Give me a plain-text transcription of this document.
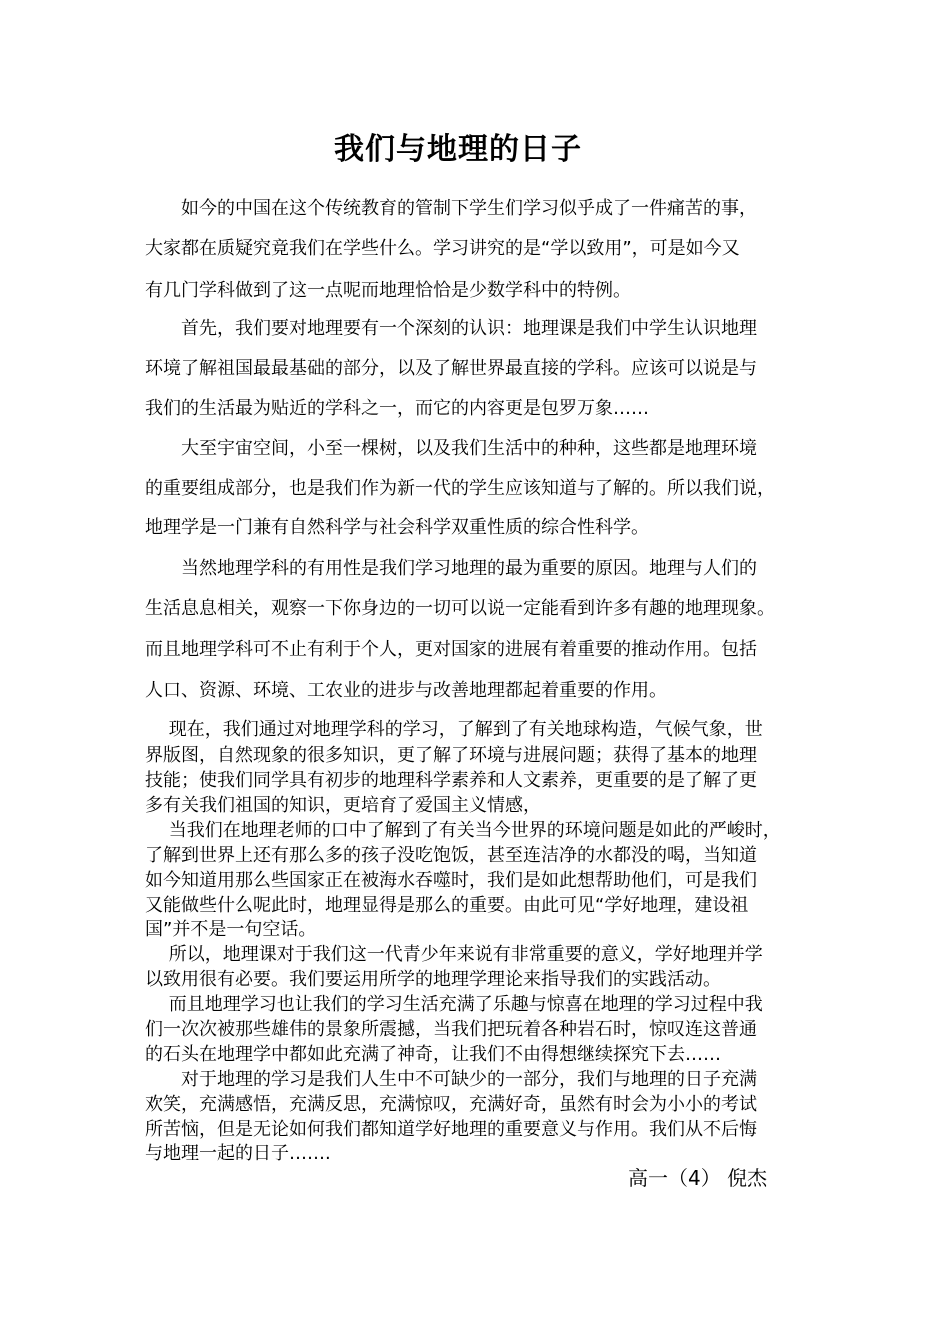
我们与地理的日子
　　如今的中国在这个传统教育的管制下学生们学习似乎成了一件痛苦的事，
大家都在质疑究竟我们在学些什么。学习讲究的是“学以致用”，可是如今又
有几门学科做到了这一点呢而地理恰恰是少数学科中的特例。
　　首先，我们要对地理要有一个深刻的认识：地理课是我们中学生认识地理
环境了解祖国最最基础的部分，以及了解世界最直接的学科。应该可以说是与
我们的生活最为贴近的学科之一，而它的内容更是包罗万象……
　　大至宇宙空间，小至一棵树，以及我们生活中的种种，这些都是地理环境
的重要组成部分，也是我们作为新一代的学生应该知道与了解的。所以我们说，
地理学是一门兼有自然科学与社会科学双重性质的综合性科学。
　　当然地理学科的有用性是我们学习地理的最为重要的原因。地理与人们的
生活息息相关，观察一下你身边的一切可以说一定能看到许多有趣的地理现象。
而且地理学科可不止有利于个人，更对国家的进展有着重要的推动作用。包括
人口、资源、环境、工农业的进步与改善地理都起着重要的作用。
　 现在，我们通过对地理学科的学习，了解到了有关地球构造，气候气象，世
界版图，自然现象的很多知识，更了解了环境与进展问题；获得了基本的地理
技能；使我们同学具有初步的地理科学素养和人文素养，更重要的是了解了更
多有关我们祖国的知识，更培育了爱国主义情感，
　 当我们在地理老师的口中了解到了有关当今世界的环境问题是如此的严峻时，
了解到世界上还有那么多的孩子没吃饱饭，甚至连洁净的水都没的喝，当知道
如今知道用那么些国家正在被海水吞噬时，我们是如此想帮助他们，可是我们
又能做些什么呢此时，地理显得是那么的重要。由此可见“学好地理，建设祖
国”并不是一句空话。
　 所以，地理课对于我们这一代青少年来说有非常重要的意义，学好地理并学
以致用很有必要。我们要运用所学的地理学理论来指导我们的实践活动。
　 而且地理学习也让我们的学习生活充满了乐趣与惊喜在地理的学习过程中我
们一次次被那些雄伟的景象所震撼，当我们把玩着各种岩石时，惊叹连这普通
的石头在地理学中都如此充满了神奇，让我们不由得想继续探究下去……
　　对于地理的学习是我们人生中不可缺少的一部分，我们与地理的日子充满
欢笑，充满感悟，充满反思，充满惊叹，充满好奇，虽然有时会为小小的考试
所苦恼，但是无论如何我们都知道学好地理的重要意义与作用。我们从不后悔
与地理一起的日子…….
高一（4） 倪杰
